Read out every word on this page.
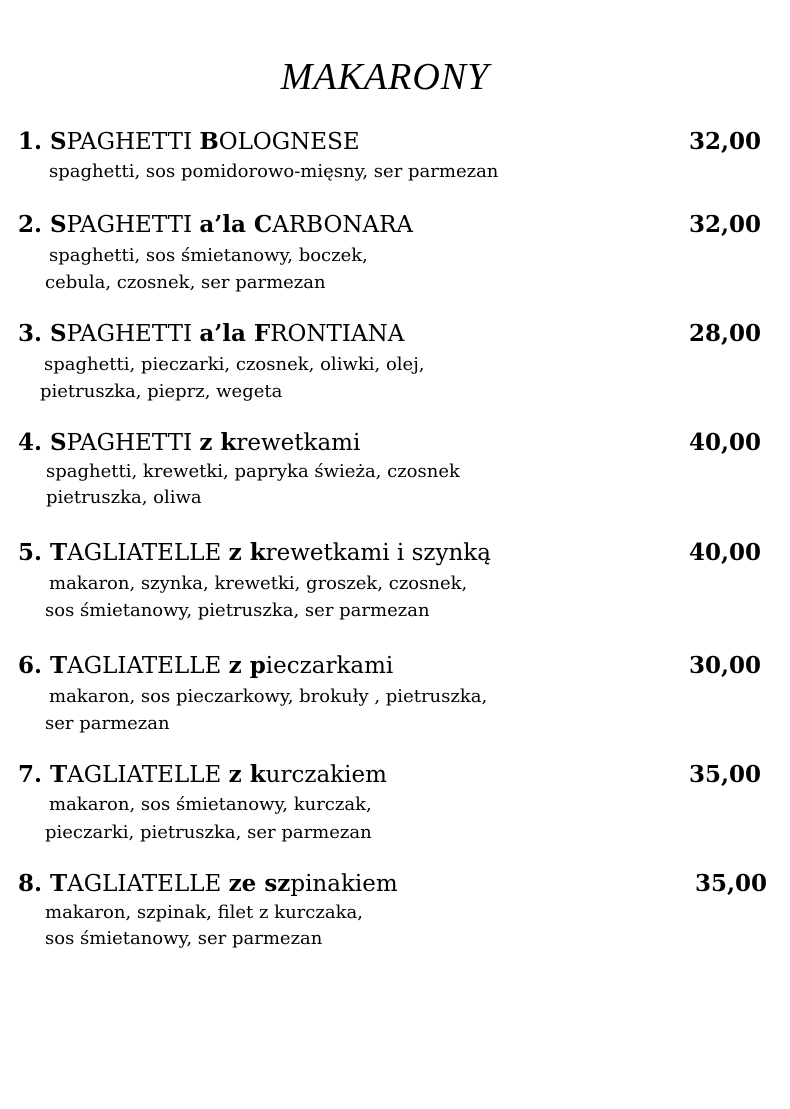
MAKARONY
1. SPAGHETTI BOLOGNESE	32,00
spaghetti, sos pomidorowo-mięsny, ser parmezan
2. SPAGHETTI a’la CARBONARA	32,00
spaghetti, sos śmietanowy, boczek,
cebula, czosnek, ser parmezan
3. SPAGHETTI a’la FRONTIANA	28,00
spaghetti, pieczarki, czosnek, oliwki, olej,
pietruszka, pieprz, wegeta
4. SPAGHETTI z krewetkami	40,00
spaghetti, krewetki, papryka świeża, czosnek
pietruszka, oliwa
5. TAGLIATELLE z krewetkami i szynką	40,00
makaron, szynka, krewetki, groszek, czosnek,
sos śmietanowy, pietruszka, ser parmezan
6. TAGLIATELLE z pieczarkami	30,00
makaron, sos pieczarkowy, brokuły , pietruszka,
ser parmezan
7. TAGLIATELLE z kurczakiem	35,00
makaron, sos śmietanowy, kurczak,
pieczarki, pietruszka, ser parmezan
8. TAGLIATELLE ze szpinakiem	35,00
makaron, szpinak, filet z kurczaka,
sos śmietanowy, ser parmezan
